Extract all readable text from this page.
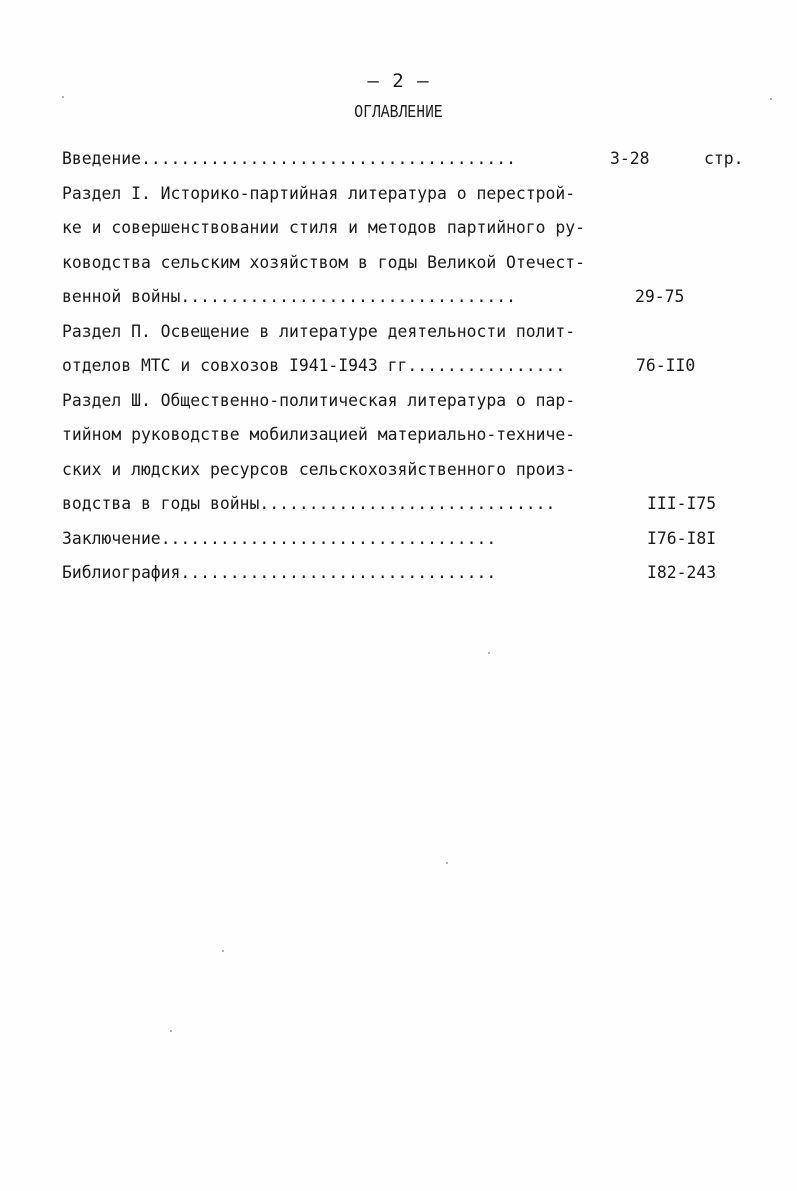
– 2 –
ОГЛАВЛЕНИЕ
Введение......................................	3-28	стр.
Раздел I. Историко-партийная литература о перестрой-
ке и совершенствовании стиля и методов партийного ру-
ководства сельским хозяйством в годы Великой Отечест-
венной войны..................................	29-75
Раздел П. Освещение в литературе деятельности полит-
отделов МТС и совхозов I941-I943 гг................	76-II0
Раздел Ш. Общественно-политическая литература о пар-
тийном руководстве мобилизацией материально-техниче-
ских и людских ресурсов сельскохозяйственного произ-
водства в годы войны..............................	III-I75
Заключение..................................	I76-I8I
Библиография................................	I82-243
